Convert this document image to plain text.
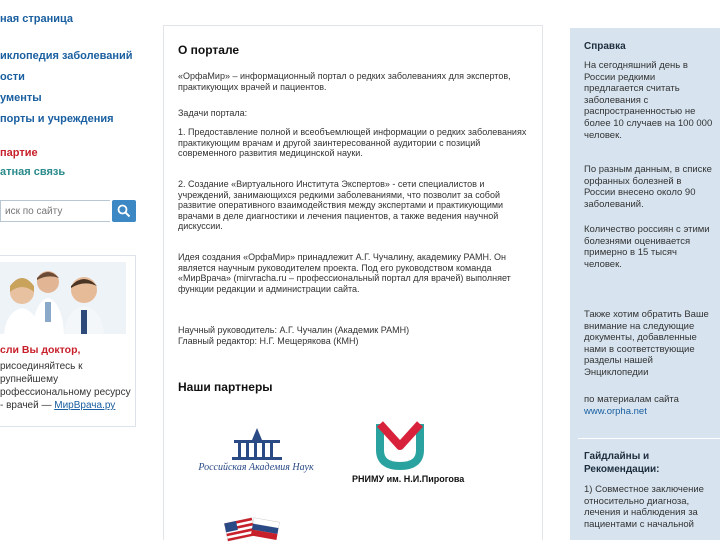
ная страница
иклопедия заболеваний
ости
ументы
порты и учреждения
партие
атная связь
иск по сайту
сли Вы доктор,
рисоединяйтесь к
рупнейшему
рофессиональному ресурсу
- врачей — МирВрача.ру
О портале
«ОрфаМир» – информационный портал о редких заболеваниях для экспертов, практикующих врачей и пациентов.
Задачи портала:
1. Предоставление полной и всеобъемлющей информации о редких заболеваниях практикующим врачам и другой заинтересованной аудитории с позиций современного развития медицинской науки.
2. Создание «Виртуального Института Экспертов» - сети специалистов и учреждений, занимающихся редкими заболеваниями, что позволит за собой развитие оперативного взаимодействия между экспертами и практикующими врачами в деле диагностики и лечения пациентов, а также ведения научной дискуссии.
Идея создания «ОрфаМир» принадлежит А.Г. Чучалину, академику РАМН. Он является научным руководителем проекта. Под его руководством команда «МирВрача» (mirvracha.ru – профессиональный портал для врачей) выполняет функции редакции и администрации сайта.
Научный руководитель: А.Г. Чучалин (Академик РАМН)
Главный редактор: Н.Г. Мещерякова (КМН)
Наши партнеры
Российская Академия Наук
РНИМУ им. Н.И.Пирогова
Справка
На сегодняшний день в России редкими предлагается считать заболевания с распространенностью не более 10 случаев на 100 000 человек.
По разным данным, в списке орфанных болезней в России внесено около 90 заболеваний.
Количество россиян с этими болезнями оценивается примерно в 15 тысяч человек.
Также хотим обратить Ваше внимание на следующие документы, добавленные нами в соответствующие разделы нашей Энциклопедии
по материалам сайта www.orpha.net
Гайдлайны и Рекомендации:
1) Совместное заключение относительно диагноза, лечения и наблюдения за пациентами с начальной
